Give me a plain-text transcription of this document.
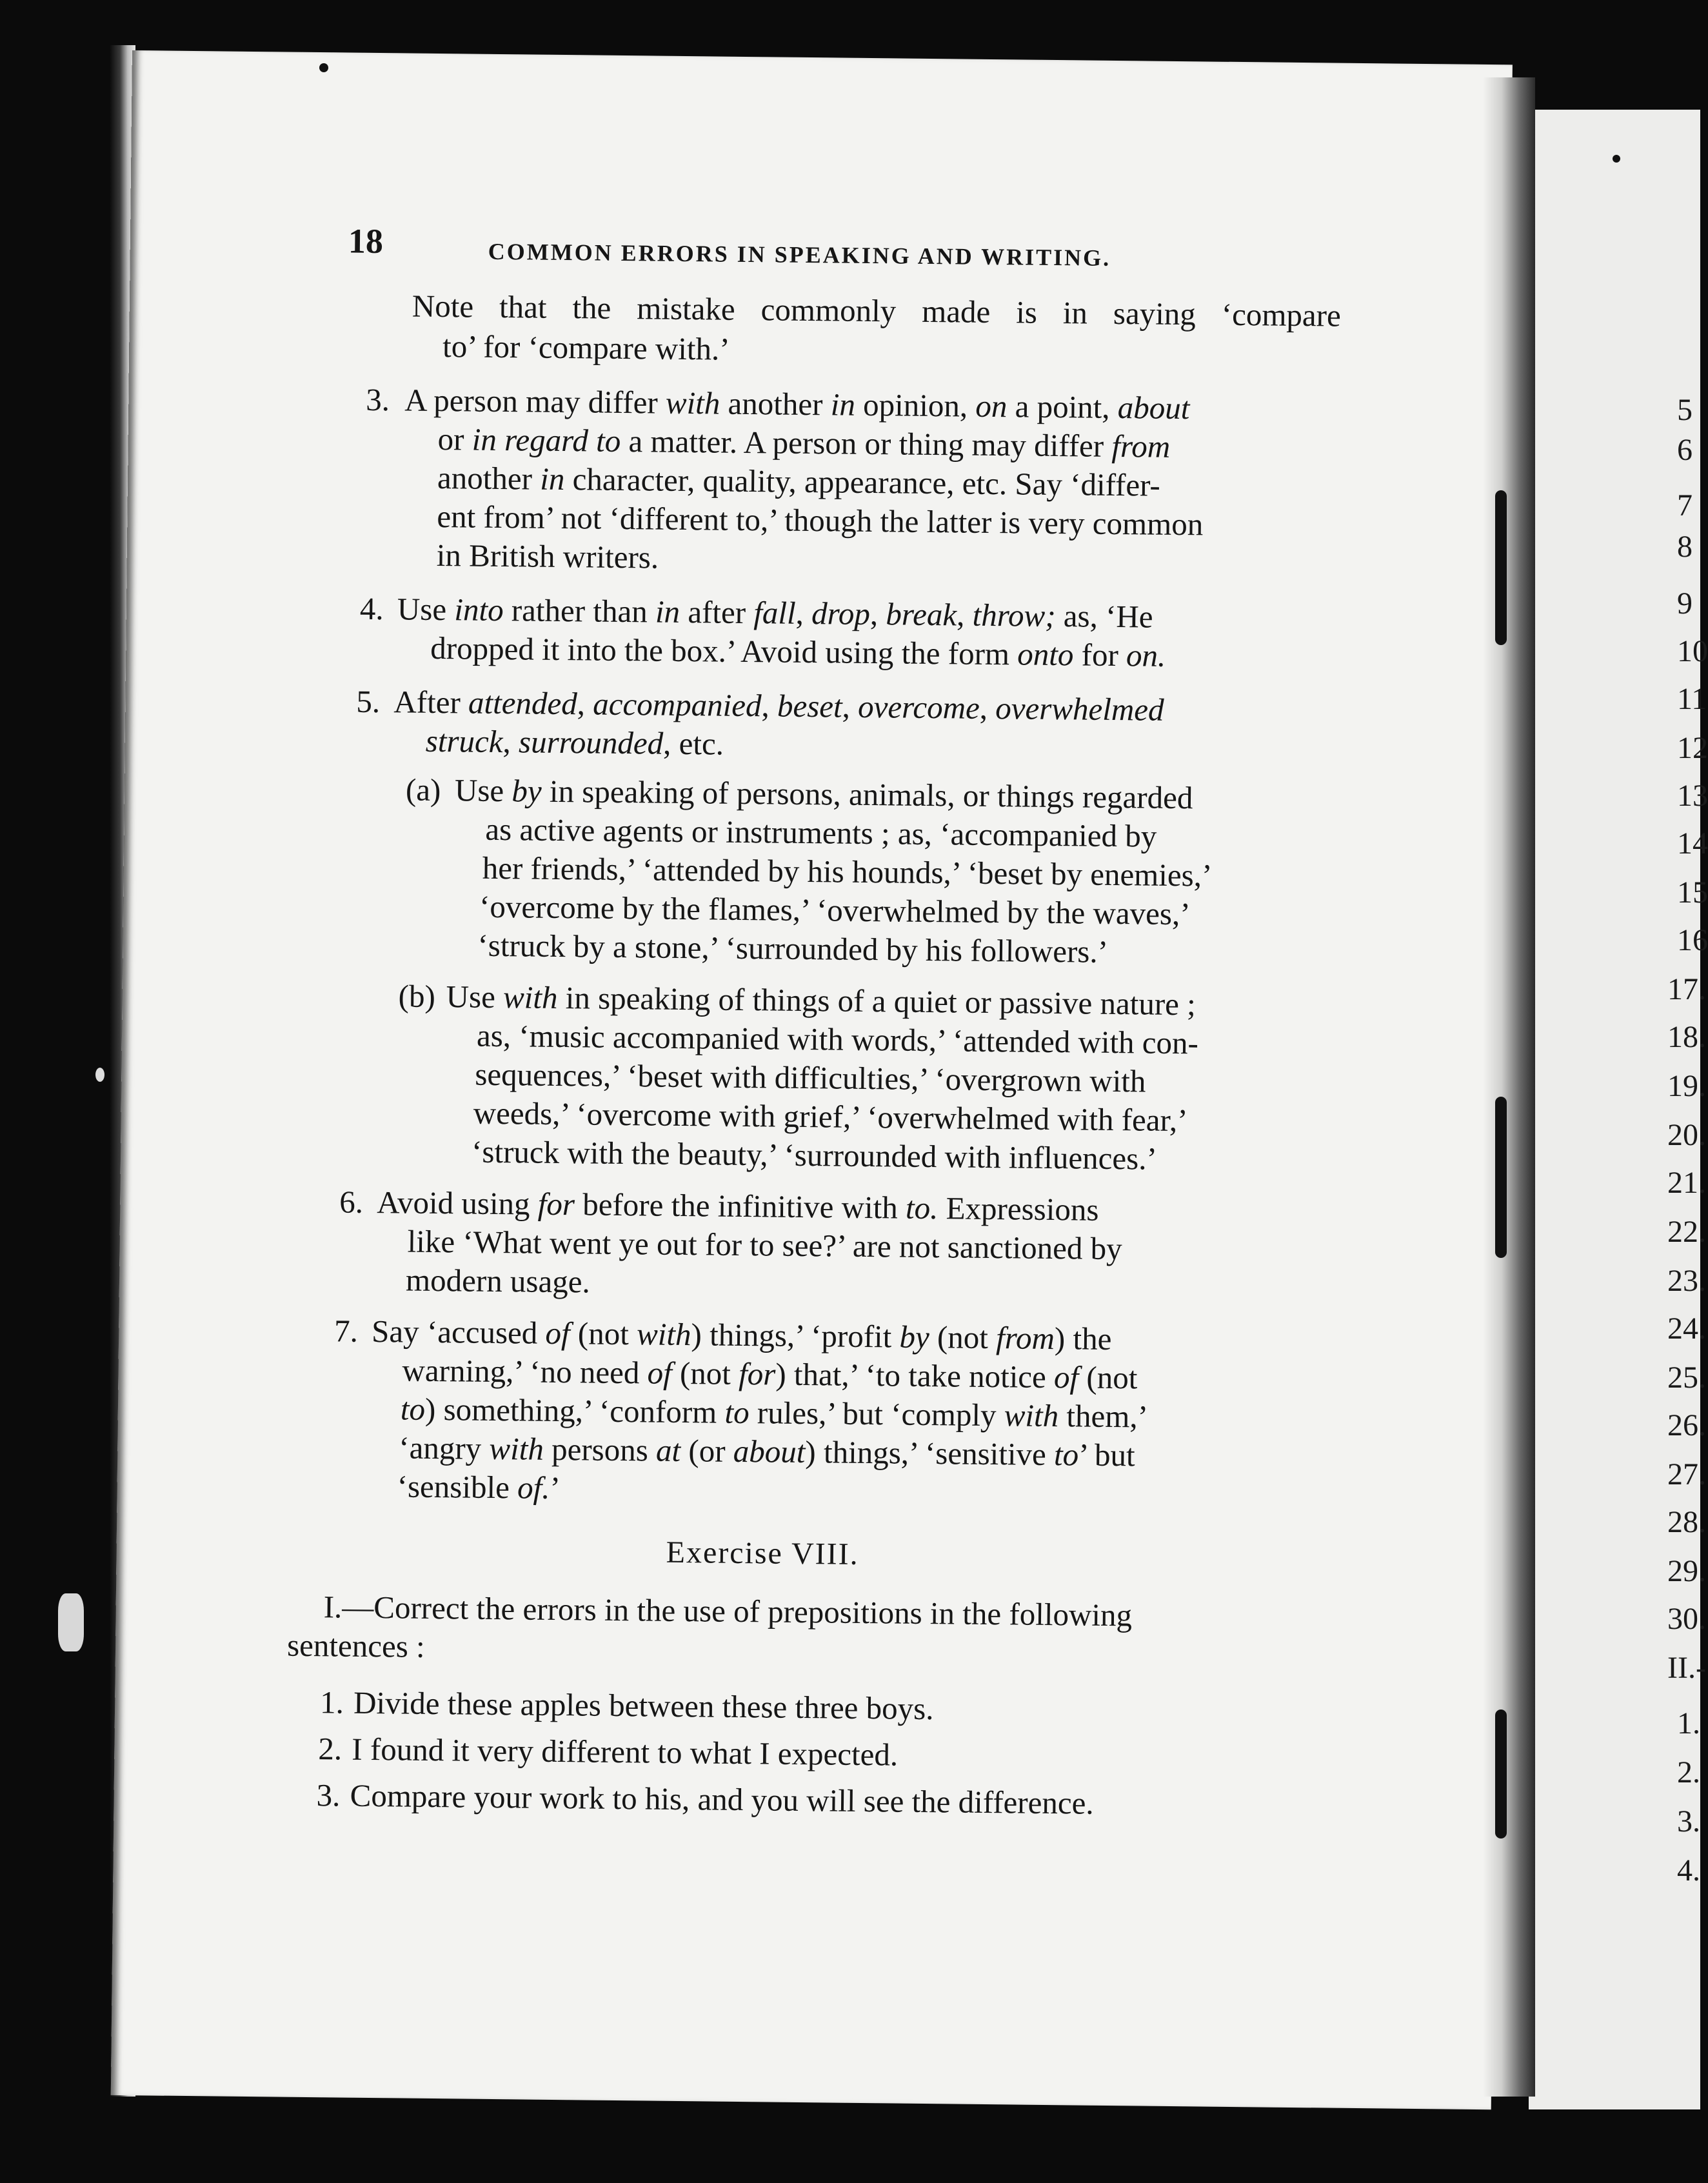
18	COMMON ERRORS IN SPEAKING AND WRITING.
Note that the mistake commonly made is in saying ‘compare
to’ for ‘compare with.’
3. A person may differ with another in opinion, on a point, about
or in regard to a matter. A person or thing may differ from
another in character, quality, appearance, etc. Say ‘differ-
ent from’ not ‘different to,’ though the latter is very common
in British writers.
4. Use into rather than in after fall, drop, break, throw; as, ‘He
dropped it into the box.’ Avoid using the form onto for on.
5. After attended, accompanied, beset, overcome, overwhelmed
struck, surrounded, etc.
(a) Use by in speaking of persons, animals, or things regarded
as active agents or instruments ; as, ‘accompanied by
her friends,’ ‘attended by his hounds,’ ‘beset by enemies,’
‘overcome by the flames,’ ‘overwhelmed by the waves,’
‘struck by a stone,’ ‘surrounded by his followers.’
(b) Use with in speaking of things of a quiet or passive nature ;
as, ‘music accompanied with words,’ ‘attended with con-
sequences,’ ‘beset with difficulties,’ ‘overgrown with
weeds,’ ‘overcome with grief,’ ‘overwhelmed with fear,’
‘struck with the beauty,’ ‘surrounded with influences.’
6. Avoid using for before the infinitive with to. Expressions
like ‘What went ye out for to see?’ are not sanctioned by
modern usage.
7. Say ‘accused of (not with) things,’ ‘profit by (not from) the
warning,’ ‘no need of (not for) that,’ ‘to take notice of (not
to) something,’ ‘conform to rules,’ but ‘comply with them,’
‘angry with persons at (or about) things,’ ‘sensitive to’ but
‘sensible of.’
Exercise VIII.
I.—Correct the errors in the use of prepositions in the following
sentences :
1. Divide these apples between these three boys.
2. I found it very different to what I expected.
3. Compare your work to his, and you will see the difference.
5
6
7
8
9
10
11
12
13
14
15
16
17.
18.
19.
20.
21.
22.
23.
24.
25.
26.
27.
28.
29.
30.
II.-
1.
2.
3.
4.
